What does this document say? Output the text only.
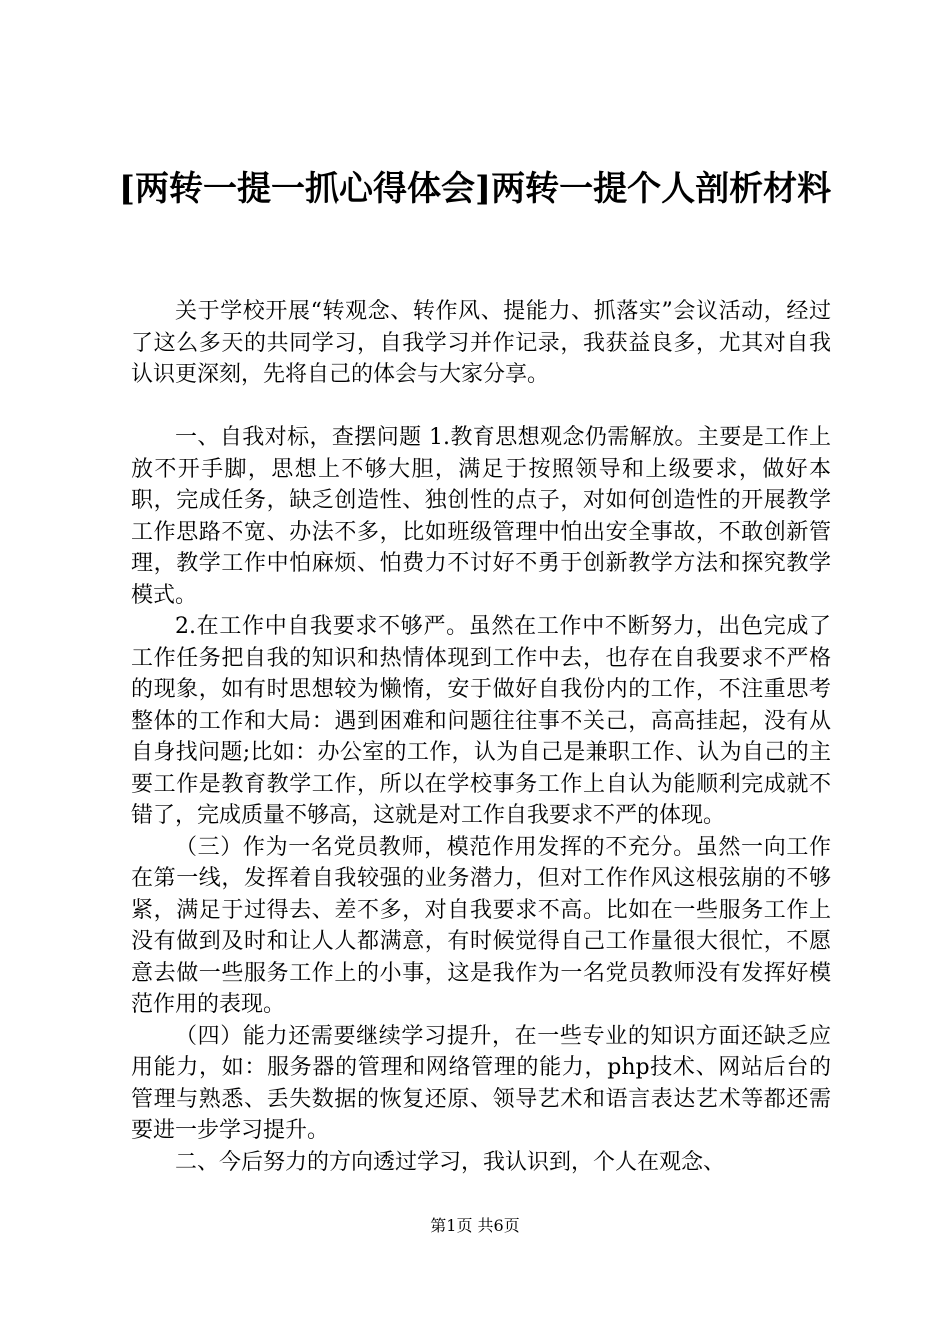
[两转一提一抓心得体会]两转一提个人剖析材料

关于学校开展“转观念、转作风、提能力、抓落实”会议活动，经过了这么多天的共同学习，自我学习并作记录，我获益良多，尤其对自我认识更深刻，先将自己的体会与大家分享。

一、自我对标，查摆问题 1.教育思想观念仍需解放。主要是工作上放不开手脚，思想上不够大胆，满足于按照领导和上级要求，做好本职，完成任务，缺乏创造性、独创性的点子，对如何创造性的开展教学工作思路不宽、办法不多，比如班级管理中怕出安全事故，不敢创新管理，教学工作中怕麻烦、怕费力不讨好不勇于创新教学方法和探究教学模式。

2.在工作中自我要求不够严。虽然在工作中不断努力，出色完成了工作任务把自我的知识和热情体现到工作中去，也存在自我要求不严格的现象，如有时思想较为懒惰，安于做好自我份内的工作，不注重思考整体的工作和大局：遇到困难和问题往往事不关己，高高挂起，没有从自身找问题;比如：办公室的工作，认为自己是兼职工作、认为自己的主要工作是教育教学工作，所以在学校事务工作上自认为能顺利完成就不错了，完成质量不够高，这就是对工作自我要求不严的体现。

（三）作为一名党员教师，模范作用发挥的不充分。虽然一向工作在第一线，发挥着自我较强的业务潜力，但对工作作风这根弦崩的不够紧，满足于过得去、差不多，对自我要求不高。比如在一些服务工作上没有做到及时和让人人都满意，有时候觉得自己工作量很大很忙，不愿意去做一些服务工作上的小事，这是我作为一名党员教师没有发挥好模范作用的表现。

（四）能力还需要继续学习提升，在一些专业的知识方面还缺乏应用能力，如：服务器的管理和网络管理的能力，php技术、网站后台的管理与熟悉、丢失数据的恢复还原、领导艺术和语言表达艺术等都还需要进一步学习提升。

二、今后努力的方向透过学习，我认识到，个人在观念、

第1页 共6页
